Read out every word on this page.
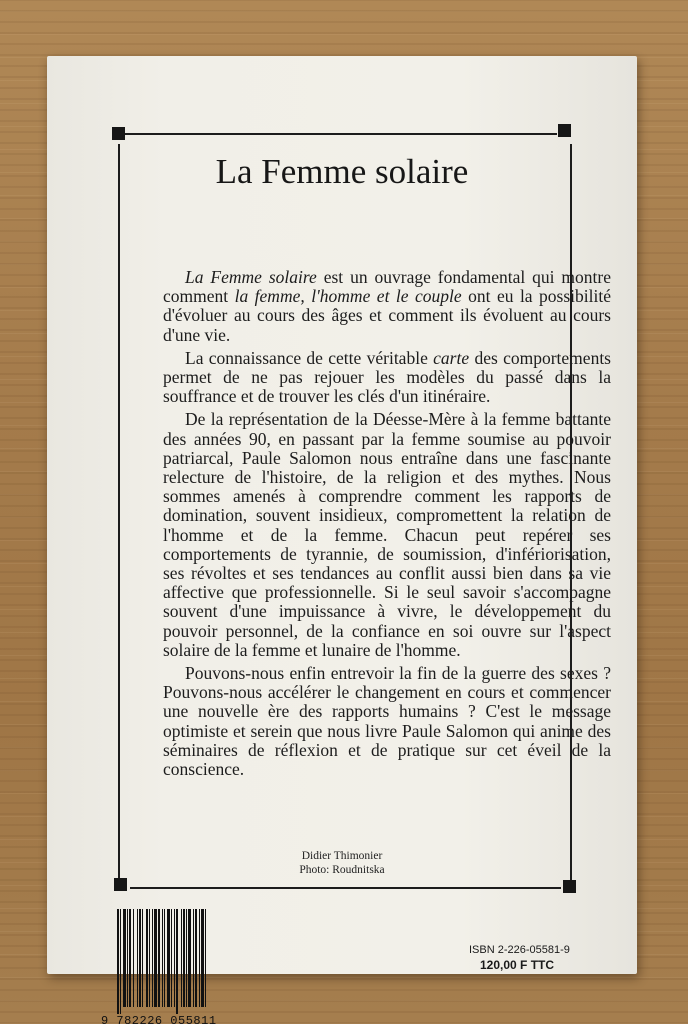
La Femme solaire

La Femme solaire est un ouvrage fondamental qui montre comment la femme, l'homme et le couple ont eu la possibilité d'évoluer au cours des âges et comment ils évoluent au cours d'une vie.

La connaissance de cette véritable carte des comportements permet de ne pas rejouer les modèles du passé dans la souffrance et de trouver les clés d'un itinéraire.

De la représentation de la Déesse-Mère à la femme battante des années 90, en passant par la femme soumise au pouvoir patriarcal, Paule Salomon nous entraîne dans une fascinante relecture de l'histoire, de la religion et des mythes. Nous sommes amenés à comprendre comment les rapports de domination, souvent insidieux, compromettent la relation de l'homme et de la femme. Chacun peut repérer ses comportements de tyrannie, de soumission, d'infériorisation, ses révoltes et ses tendances au conflit aussi bien dans sa vie affective que professionnelle. Si le seul savoir s'accompagne souvent d'une impuissance à vivre, le développement du pouvoir personnel, de la confiance en soi ouvre sur l'aspect solaire de la femme et lunaire de l'homme.

Pouvons-nous enfin entrevoir la fin de la guerre des sexes ? Pouvons-nous accélérer le changement en cours et commencer une nouvelle ère des rapports humains ? C'est le message optimiste et serein que nous livre Paule Salomon qui anime des séminaires de réflexion et de pratique sur cet éveil de la conscience.

Didier Thimonier
Photo: Roudnitska
9 782226 055811
ISBN 2-226-05581-9
120,00 F TTC
